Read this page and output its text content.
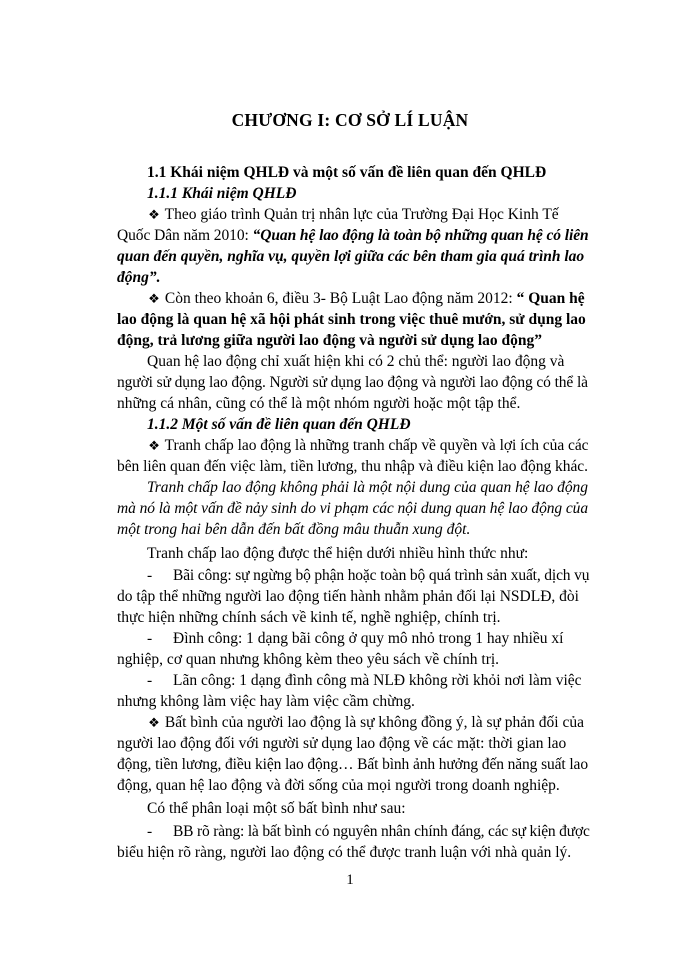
CHƯƠNG I: CƠ SỞ LÍ LUẬN
1.1 Khái niệm QHLĐ và một số vấn đề liên quan đến QHLĐ
1.1.1 Khái niệm QHLĐ
❖ Theo giáo trình Quản trị nhân lực của Trường Đại Học Kinh Tế
Quốc Dân năm 2010: “Quan hệ lao động là toàn bộ những quan hệ có liên
quan đến quyền, nghĩa vụ, quyền lợi giữa các bên tham gia quá trình lao
động”.
❖ Còn theo khoản 6, điều 3- Bộ Luật Lao động năm 2012: “ Quan hệ
lao động là quan hệ xã hội phát sinh trong việc thuê mướn, sử dụng lao
động, trả lương giữa người lao động và người sử dụng lao động”
Quan hệ lao động chỉ xuất hiện khi có 2 chủ thể: người lao động và
người sử dụng lao động. Người sử dụng lao động và người lao động có thể là
những cá nhân, cũng có thể là một nhóm người hoặc một tập thể.
1.1.2 Một số vấn đề liên quan đến QHLĐ
❖ Tranh chấp lao động là những tranh chấp về quyền và lợi ích của các
bên liên quan đến việc làm, tiền lương, thu nhập và điều kiện lao động khác.
Tranh chấp lao động không phải là một nội dung của quan hệ lao động
mà nó là một vấn đề nảy sinh do vi phạm các nội dung quan hệ lao động của
một trong hai bên dẫn đến bất đồng mâu thuẫn xung đột.
Tranh chấp lao động được thể hiện dưới nhiều hình thức như:
- Bãi công: sự ngừng bộ phận hoặc toàn bộ quá trình sản xuất, dịch vụ
do tập thể những người lao động tiến hành nhằm phản đối lại NSDLĐ, đòi
thực hiện những chính sách về kinh tế, nghề nghiệp, chính trị.
- Đình công: 1 dạng bãi công ở quy mô nhỏ trong 1 hay nhiều xí
nghiệp, cơ quan nhưng không kèm theo yêu sách về chính trị.
- Lãn công: 1 dạng đình công mà NLĐ không rời khỏi nơi làm việc
nhưng không làm việc hay làm việc cầm chừng.
❖ Bất bình của người lao động là sự không đồng ý, là sự phản đối của
người lao động đối với người sử dụng lao động về các mặt: thời gian lao
động, tiền lương, điều kiện lao động… Bất bình ảnh hưởng đến năng suất lao
động, quan hệ lao động và đời sống của mọi người trong doanh nghiệp.
Có thể phân loại một số bất bình như sau:
- BB rõ ràng: là bất bình có nguyên nhân chính đáng, các sự kiện được
biểu hiện rõ ràng, người lao động có thể được tranh luận với nhà quản lý.
1
